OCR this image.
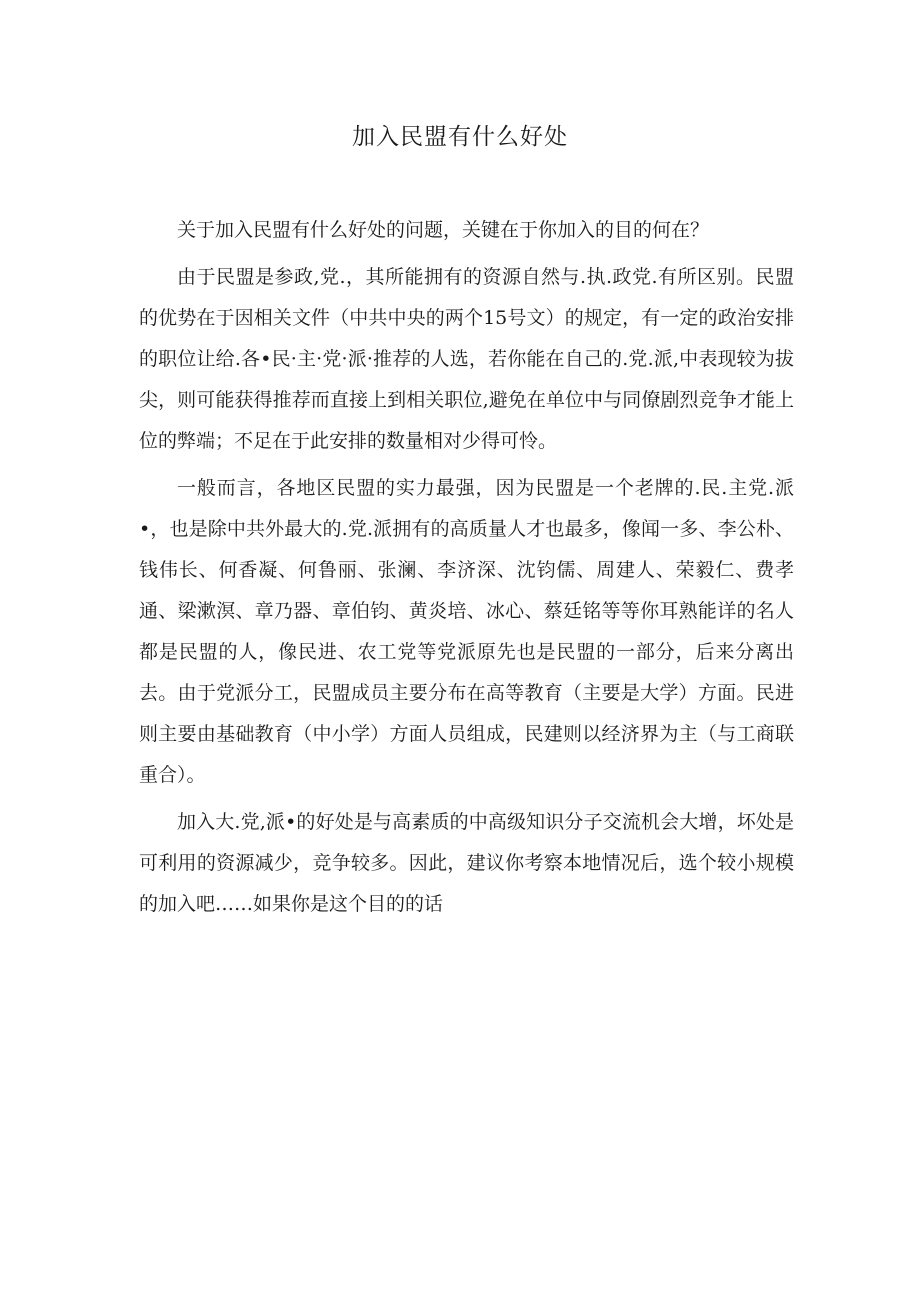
加入民盟有什么好处

关于加入民盟有什么好处的问题，关键在于你加入的目的何在？

由于民盟是参政,党.，其所能拥有的资源自然与.执.政党.有所区别。民盟的优势在于因相关文件（中共中央的两个15号文）的规定，有一定的政治安排的职位让给.各•民·主·党·派·推荐的人选，若你能在自己的.党.派,中表现较为拔尖，则可能获得推荐而直接上到相关职位,避免在单位中与同僚剧烈竞争才能上位的弊端；不足在于此安排的数量相对少得可怜。

一般而言，各地区民盟的实力最强，因为民盟是一个老牌的.民.主党.派•，也是除中共外最大的.党.派拥有的高质量人才也最多，像闻一多、李公朴、钱伟长、何香凝、何鲁丽、张澜、李济深、沈钧儒、周建人、荣毅仁、费孝通、梁漱溟、章乃器、章伯钧、黄炎培、冰心、蔡廷铭等等你耳熟能详的名人都是民盟的人，像民进、农工党等党派原先也是民盟的一部分，后来分离出去。由于党派分工，民盟成员主要分布在高等教育（主要是大学）方面。民进则主要由基础教育（中小学）方面人员组成，民建则以经济界为主（与工商联重合）。

加入大.党,派•的好处是与高素质的中高级知识分子交流机会大增，坏处是可利用的资源减少，竞争较多。因此，建议你考察本地情况后，选个较小规模的加入吧……如果你是这个目的的话
